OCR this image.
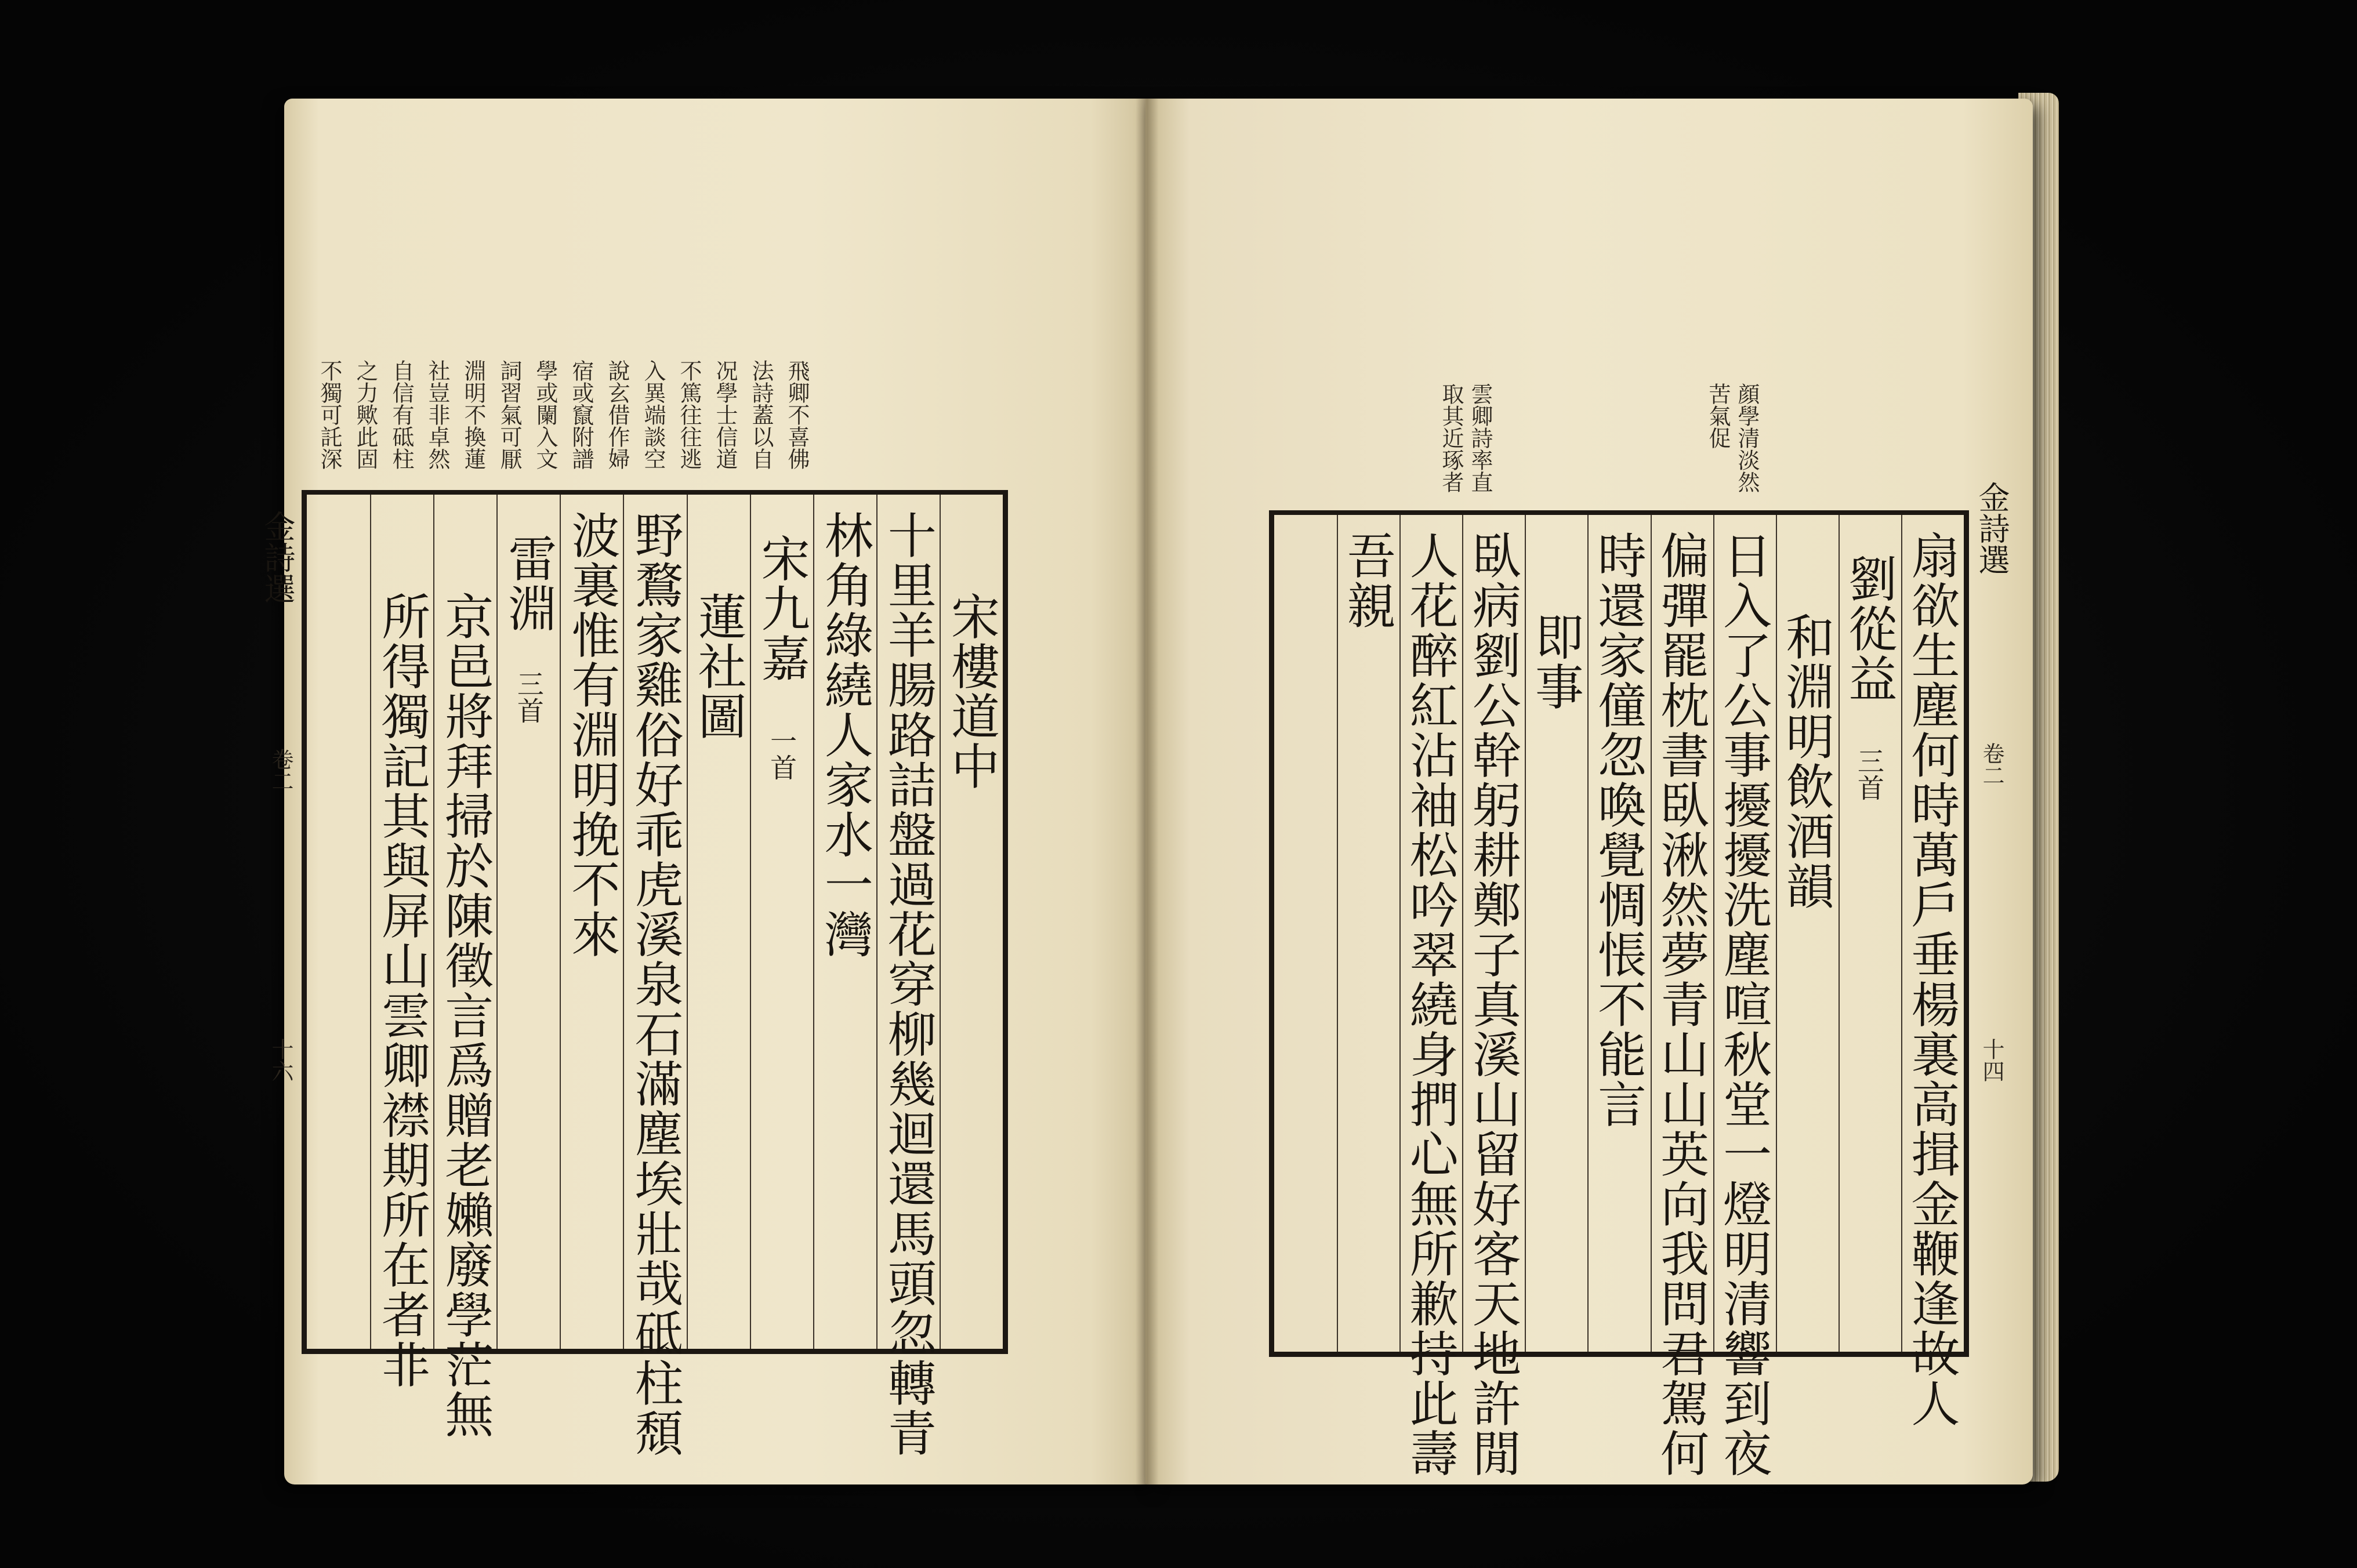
飛卿不喜佛
法詩蓋以自
况學士信道
不篤往往逃
入異端談空
說玄借作婦
宿或竄附譜
學或闌入文
詞習氣可厭
淵明不換蓮
社豈非卓然
自信有砥柱
之力歟此固
不獨可託深
宋樓道中
十里羊腸路詰盤過花穿柳幾迴還馬頭忽轉青
林角綠繞人家水一灣
宋九嘉
一首
蓮社圖
野鶩家雞俗好乖虎溪泉石滿塵埃壯哉砥柱頹
波裏惟有淵明挽不來
雷淵
三首
京邑將拜掃於陳徵言爲贈老嬾廢學茫無
所得獨記其與屏山雲卿襟期所在者非
金詩選
卷二
十六
顔學清淡然
苦氣促
雲卿詩率直
取其近琢者
扇欲生塵何時萬戶垂楊裏高揖金鞭逢故人
劉從益
三首
和淵明飲酒韻
日入了公事擾擾洗塵喧秋堂一燈明清響到夜
偏彈罷枕書臥湫然夢青山山英向我問君駕何
時還家僮忽喚覺惆悵不能言
即事
臥病劉公幹躬耕鄭子真溪山留好客天地許閒
人花醉紅沾袖松吟翠繞身捫心無所歉持此壽
吾親
金詩選
卷二
十四
